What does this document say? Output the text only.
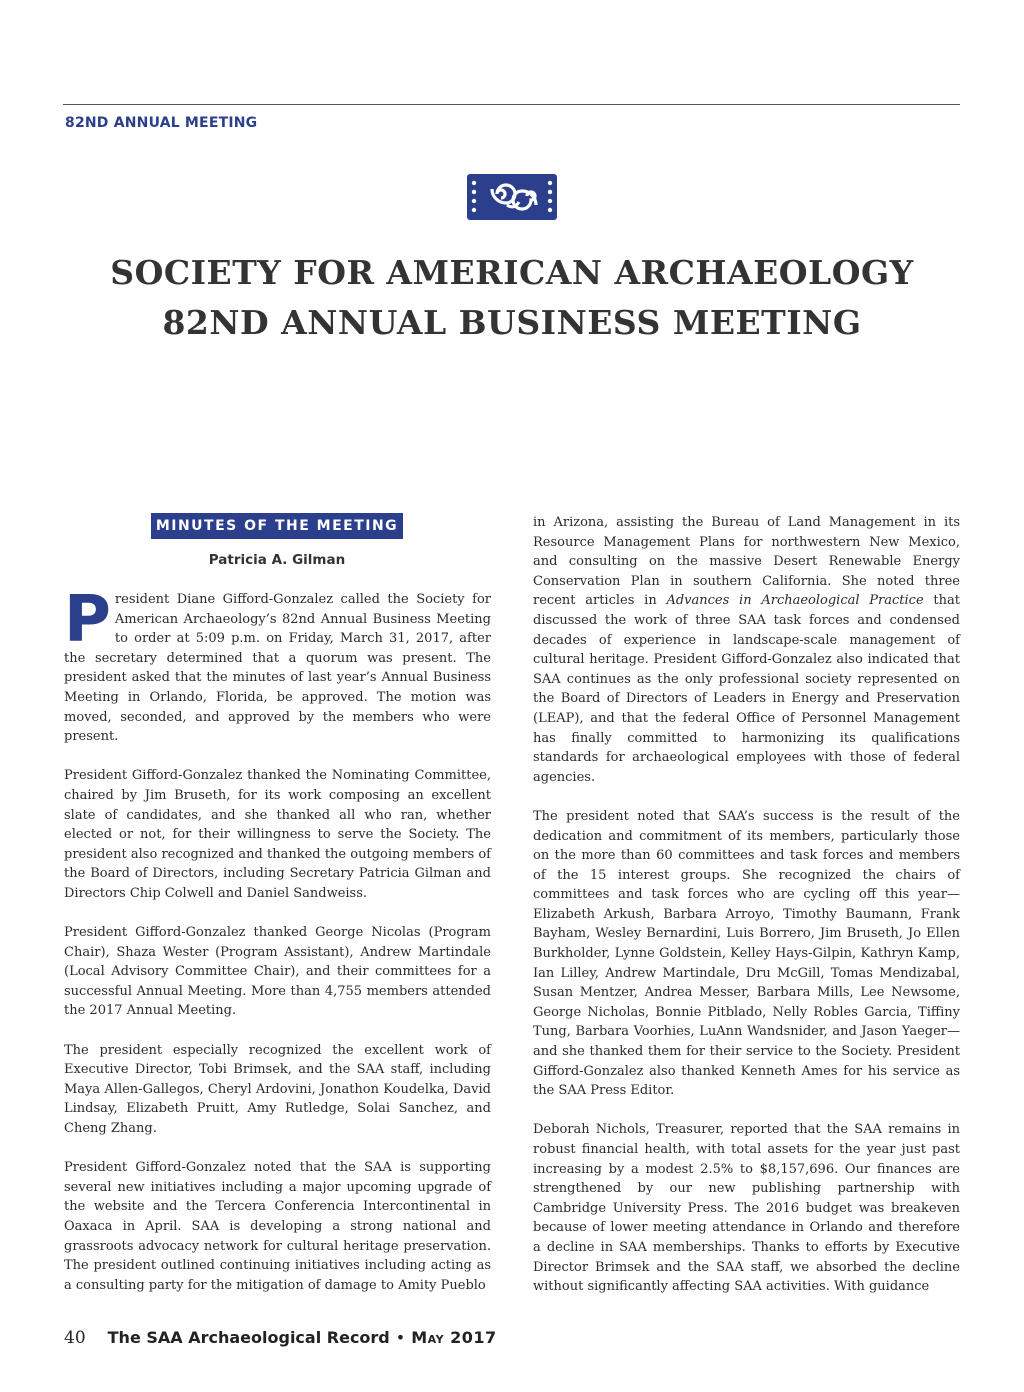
82ND ANNUAL MEETING
SOCIETY FOR AMERICAN ARCHAEOLOGY
82ND ANNUAL BUSINESS MEETING
MINUTES OF THE MEETING
Patricia A. Gilman

President Diane Gifford-Gonzalez called the Society for American Archaeology’s 82nd Annual Business Meeting to order at 5:09 p.m. on Friday, March 31, 2017, after the secretary determined that a quorum was present. The president asked that the minutes of last year’s Annual Business Meeting in Orlando, Florida, be approved. The motion was moved, seconded, and approved by the members who were present.

President Gifford-Gonzalez thanked the Nominating Committee, chaired by Jim Bruseth, for its work composing an excellent slate of candidates, and she thanked all who ran, whether elected or not, for their willingness to serve the Society. The president also recognized and thanked the outgoing members of the Board of Directors, including Secretary Patricia Gilman and Directors Chip Colwell and Daniel Sandweiss.

President Gifford-Gonzalez thanked George Nicolas (Program Chair), Shaza Wester (Program Assistant), Andrew Martindale (Local Advisory Committee Chair), and their committees for a successful Annual Meeting. More than 4,755 members attended the 2017 Annual Meeting.

The president especially recognized the excellent work of Executive Director, Tobi Brimsek, and the SAA staff, including Maya Allen-Gallegos, Cheryl Ardovini, Jonathon Koudelka, David Lindsay, Elizabeth Pruitt, Amy Rutledge, Solai Sanchez, and Cheng Zhang.

President Gifford-Gonzalez noted that the SAA is supporting several new initiatives including a major upcoming upgrade of the website and the Tercera Conferencia Intercontinental in Oaxaca in April. SAA is developing a strong national and grassroots advocacy network for cultural heritage preservation. The president outlined continuing initiatives including acting as a consulting party for the mitigation of damage to Amity Pueblo

in Arizona, assisting the Bureau of Land Management in its Resource Management Plans for northwestern New Mexico, and consulting on the massive Desert Renewable Energy Conservation Plan in southern California. She noted three recent articles in Advances in Archaeological Practice that discussed the work of three SAA task forces and condensed decades of experience in landscape-scale management of cultural heritage. President Gifford-Gonzalez also indicated that SAA continues as the only professional society represented on the Board of Directors of Leaders in Energy and Preservation (LEAP), and that the federal Office of Personnel Management has finally committed to harmonizing its qualifications standards for archaeological employees with those of federal agencies.

The president noted that SAA’s success is the result of the dedication and commitment of its members, particularly those on the more than 60 committees and task forces and members of the 15 interest groups. She recognized the chairs of committees and task forces who are cycling off this year—Elizabeth Arkush, Barbara Arroyo, Timothy Baumann, Frank Bayham, Wesley Bernardini, Luis Borrero, Jim Bruseth, Jo Ellen Burkholder, Lynne Goldstein, Kelley Hays-Gilpin, Kathryn Kamp, Ian Lilley, Andrew Martindale, Dru McGill, Tomas Mendizabal, Susan Mentzer, Andrea Messer, Barbara Mills, Lee Newsome, George Nicholas, Bonnie Pitblado, Nelly Robles Garcia, Tiffiny Tung, Barbara Voorhies, LuAnn Wandsnider, and Jason Yaeger—and she thanked them for their service to the Society. President Gifford-Gonzalez also thanked Kenneth Ames for his service as the SAA Press Editor.

Deborah Nichols, Treasurer, reported that the SAA remains in robust financial health, with total assets for the year just past increasing by a modest 2.5% to $8,157,696. Our finances are strengthened by our new publishing partnership with Cambridge University Press. The 2016 budget was breakeven because of lower meeting attendance in Orlando and therefore a decline in SAA memberships. Thanks to efforts by Executive Director Brimsek and the SAA staff, we absorbed the decline without significantly affecting SAA activities. With guidance

40 The SAA Archaeological Record • May 2017
